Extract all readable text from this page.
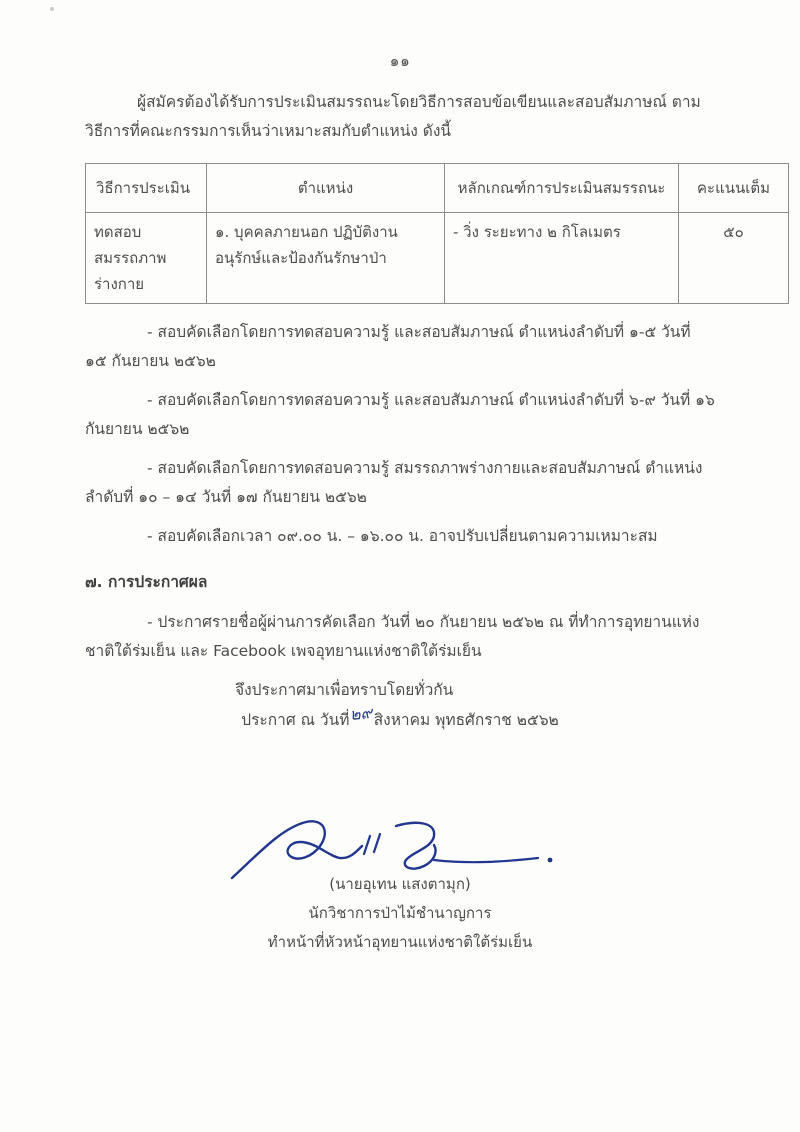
๑๑

ผู้สมัครต้องได้รับการประเมินสมรรถนะโดยวิธีการสอบข้อเขียนและสอบสัมภาษณ์ ตามวิธีการที่คณะกรรมการเห็นว่าเหมาะสมกับตำแหน่ง ดังนี้

วิธีการประเมิน	ตำแหน่ง	หลักเกณฑ์การประเมินสมรรถนะ	คะแนนเต็ม
ทดสอบ สมรรถภาพ ร่างกาย	๑. บุคคลภายนอก ปฏิบัติงานอนุรักษ์และป้องกันรักษาป่า	- วิ่ง ระยะทาง ๒ กิโลเมตร	๕๐

- สอบคัดเลือกโดยการทดสอบความรู้ และสอบสัมภาษณ์ ตำแหน่งลำดับที่ ๑-๕ วันที่ ๑๕ กันยายน ๒๕๖๒

- สอบคัดเลือกโดยการทดสอบความรู้ และสอบสัมภาษณ์ ตำแหน่งลำดับที่ ๖-๙ วันที่ ๑๖ กันยายน ๒๕๖๒

- สอบคัดเลือกโดยการทดสอบความรู้ สมรรถภาพร่างกายและสอบสัมภาษณ์ ตำแหน่งลำดับที่ ๑๐ – ๑๔ วันที่ ๑๗ กันยายน ๒๕๖๒

- สอบคัดเลือกเวลา ๐๙.๐๐ น. – ๑๖.๐๐ น. อาจปรับเปลี่ยนตามความเหมาะสม

๗. การประกาศผล

- ประกาศรายชื่อผู้ผ่านการคัดเลือก วันที่ ๒๐ กันยายน ๒๕๖๒ ณ ที่ทำการอุทยานแห่งชาติใต้ร่มเย็น และ Facebook เพจอุทยานแห่งชาติใต้ร่มเย็น

จึงประกาศมาเพื่อทราบโดยทั่วกัน

ประกาศ ณ วันที่๒๙สิงหาคม พุทธศักราช ๒๕๖๒
(นายอุเทน แสงตามุก)
นักวิชาการป่าไม้ชำนาญการ
ทำหน้าที่หัวหน้าอุทยานแห่งชาติใต้ร่มเย็น
